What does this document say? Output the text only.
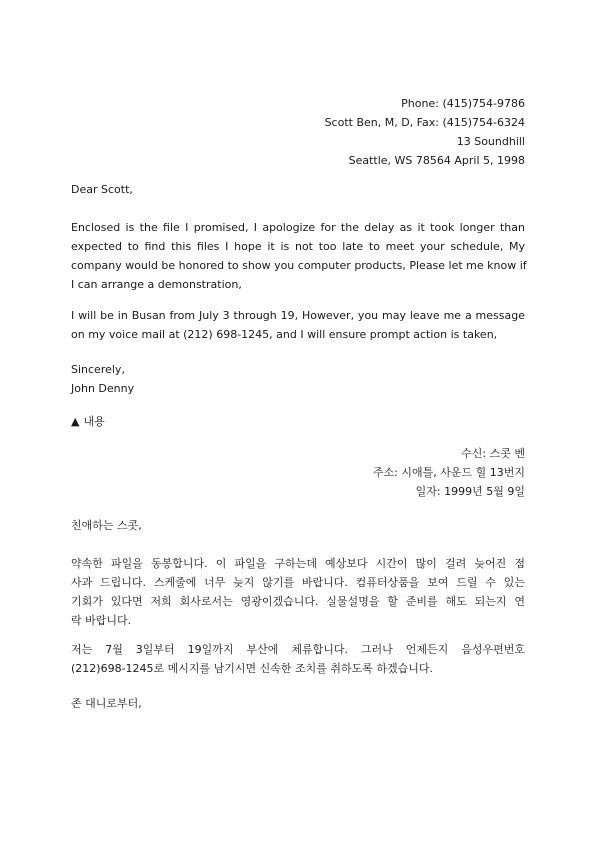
Phone: (415)754-9786
Scott Ben, M, D, Fax: (415)754-6324
13 Soundhill
Seattle, WS 78564 April 5, 1998
Dear Scott,
Enclosed is the file I promised, I apologize for the delay as it took longer than
expected to find this files I hope it is not too late to meet your schedule, My
company would be honored to show you computer products, Please let me know if
I can arrange a demonstration,
I will be in Busan from July 3 through 19, However, you may leave me a message
on my voice mail at (212) 698-1245, and I will ensure prompt action is taken,
Sincerely,
John Denny
▲ 내용
수신: 스콧 벤
주소: 시애틀, 사운드 힐 13번지
일자: 1999년 5월 9일
친애하는 스콧,
약속한 파일을 동봉합니다. 이 파일을 구하는데 예상보다 시간이 많이 걸려 늦어진 점
사과 드립니다. 스케줄에 너무 늦지 않기를 바랍니다. 컴퓨터상품을 보여 드릴 수 있는
기회가 있다면 저희 회사로서는 영광이겠습니다. 실물설명을 할 준비를 해도 되는지 연
락 바랍니다.
저는 7월 3일부터 19일까지 부산에 체류합니다. 그러나 언제든지 음성우편번호
(212)698-1245로 메시지를 남기시면 신속한 조치를 취하도록 하겠습니다.
존 대니로부터,
